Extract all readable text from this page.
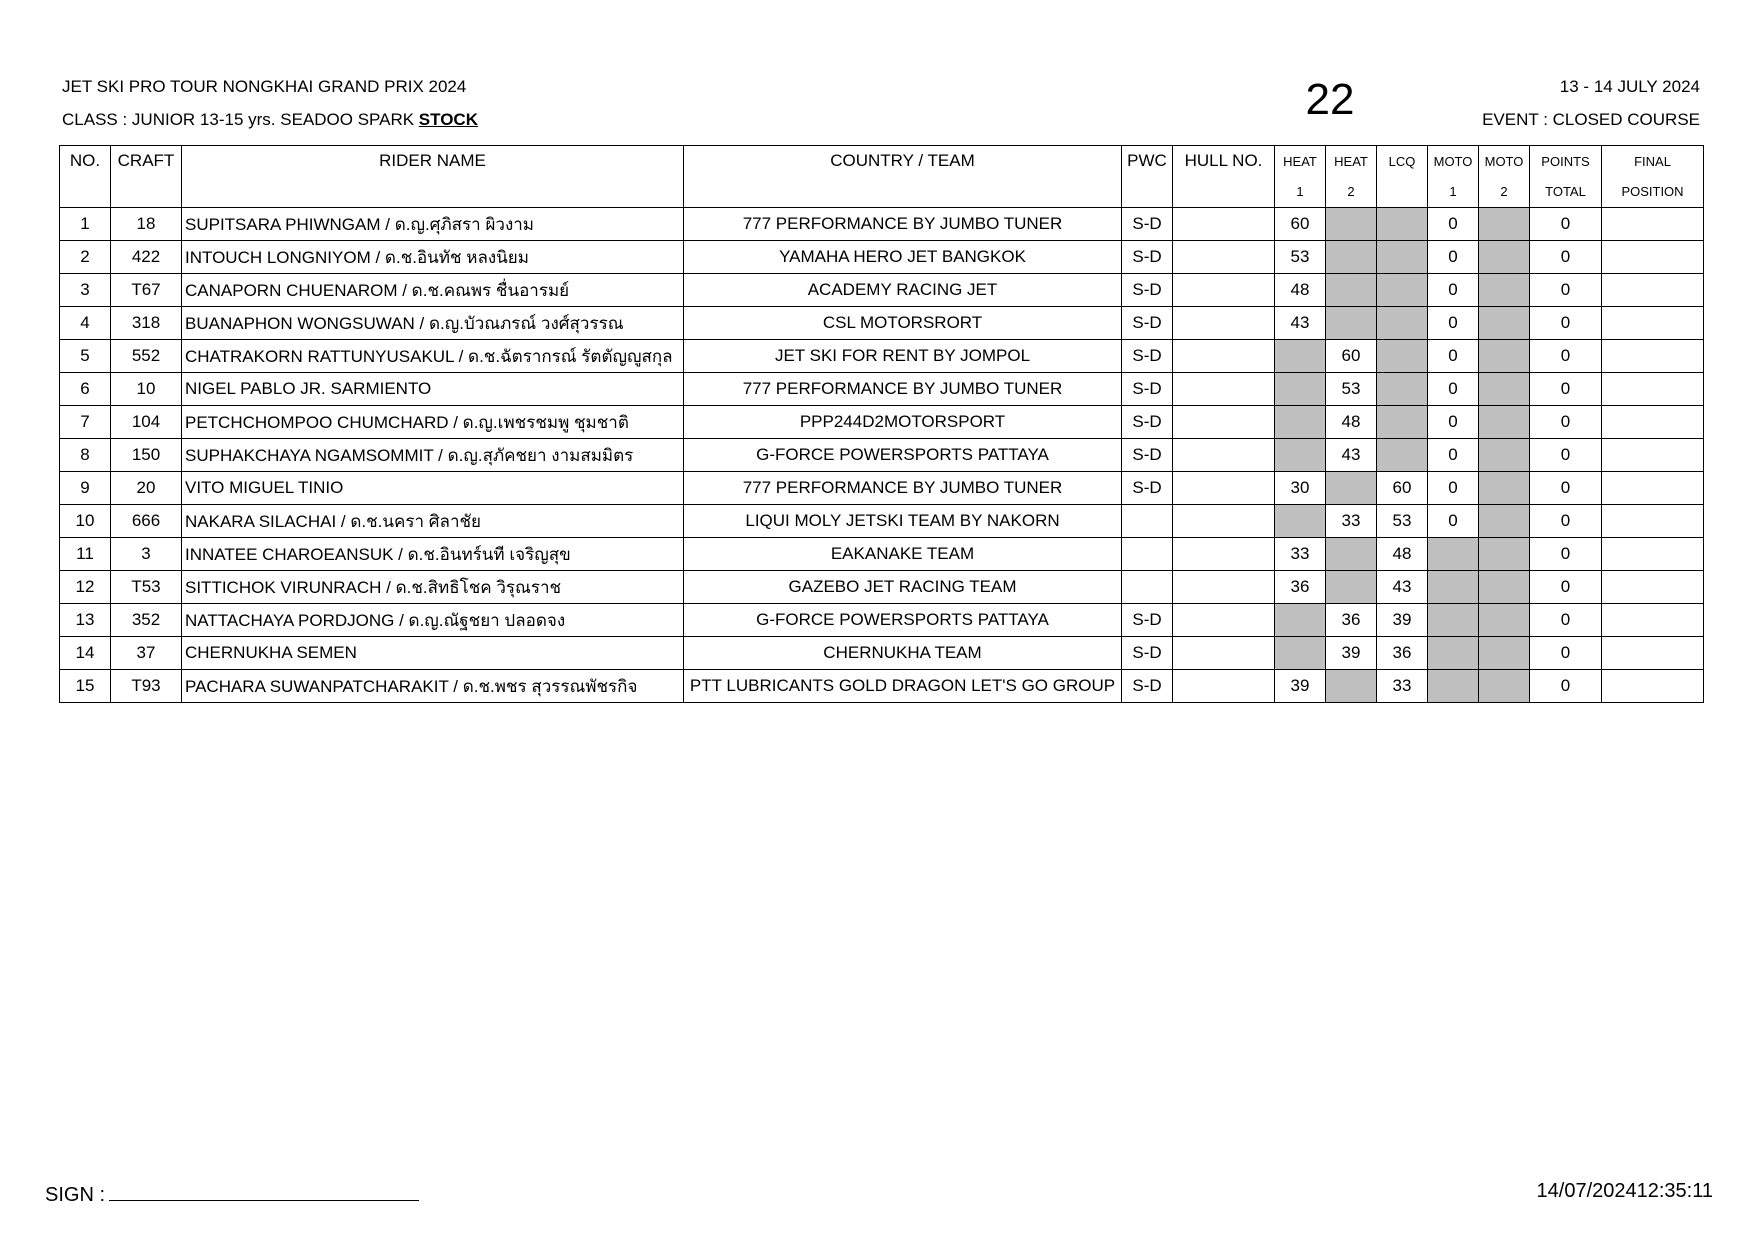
JET SKI PRO TOUR NONGKHAI GRAND PRIX 2024
CLASS : JUNIOR 13-15 yrs. SEADOO SPARK STOCK	22	13 - 14 JULY 2024
EVENT : CLOSED COURSE
NO.	CRAFT	RIDER NAME	COUNTRY / TEAM	PWC	HULL NO.	HEAT	HEAT	LCQ	MOTO	MOTO	POINTS	FINAL
						1	2		1	2	TOTAL	POSITION
1	18	SUPITSARA PHIWNGAM / ด.ญ.ศุภิสรา ผิวงาม	777 PERFORMANCE BY JUMBO TUNER	S-D		60			0		0	
2	422	INTOUCH LONGNIYOM / ด.ช.อินทัช หลงนิยม	YAMAHA HERO JET BANGKOK	S-D		53			0		0	
3	T67	CANAPORN CHUENAROM / ด.ช.คณพร ชื่นอารมย์	ACADEMY RACING JET	S-D		48			0		0	
4	318	BUANAPHON WONGSUWAN / ด.ญ.บัวณภรณ์ วงศ์สุวรรณ	CSL MOTORSRORT	S-D		43			0		0	
5	552	CHATRAKORN RATTUNYUSAKUL / ด.ช.ฉัตรากรณ์ รัตตัญญูสกุล	JET SKI FOR RENT BY JOMPOL	S-D			60		0		0	
6	10	NIGEL PABLO JR. SARMIENTO	777 PERFORMANCE BY JUMBO TUNER	S-D			53		0		0	
7	104	PETCHCHOMPOO CHUMCHARD / ด.ญ.เพชรชมพู ชุมชาติ	PPP244D2MOTORSPORT	S-D			48		0		0	
8	150	SUPHAKCHAYA NGAMSOMMIT / ด.ญ.สุภัคชยา งามสมมิตร	G-FORCE POWERSPORTS PATTAYA	S-D			43		0		0	
9	20	VITO MIGUEL TINIO	777 PERFORMANCE BY JUMBO TUNER	S-D		30		60	0		0	
10	666	NAKARA SILACHAI / ด.ช.นครา ศิลาชัย	LIQUI MOLY JETSKI TEAM BY NAKORN				33	53	0		0	
11	3	INNATEE CHAROEANSUK / ด.ช.อินทร์นที เจริญสุข	EAKANAKE TEAM			33		48			0	
12	T53	SITTICHOK VIRUNRACH / ด.ช.สิทธิโชค วิรุณราช	GAZEBO JET RACING TEAM			36		43			0	
13	352	NATTACHAYA PORDJONG / ด.ญ.ณัฐชยา ปลอดจง	G-FORCE POWERSPORTS PATTAYA	S-D			36	39			0	
14	37	CHERNUKHA SEMEN	CHERNUKHA TEAM	S-D			39	36			0	
15	T93	PACHARA SUWANPATCHARAKIT / ด.ช.พชร สุวรรณพัชรกิจ	PTT LUBRICANTS GOLD DRAGON LET'S GO GROUP	S-D		39		33			0	
SIGN :	14/07/202412:35:11
